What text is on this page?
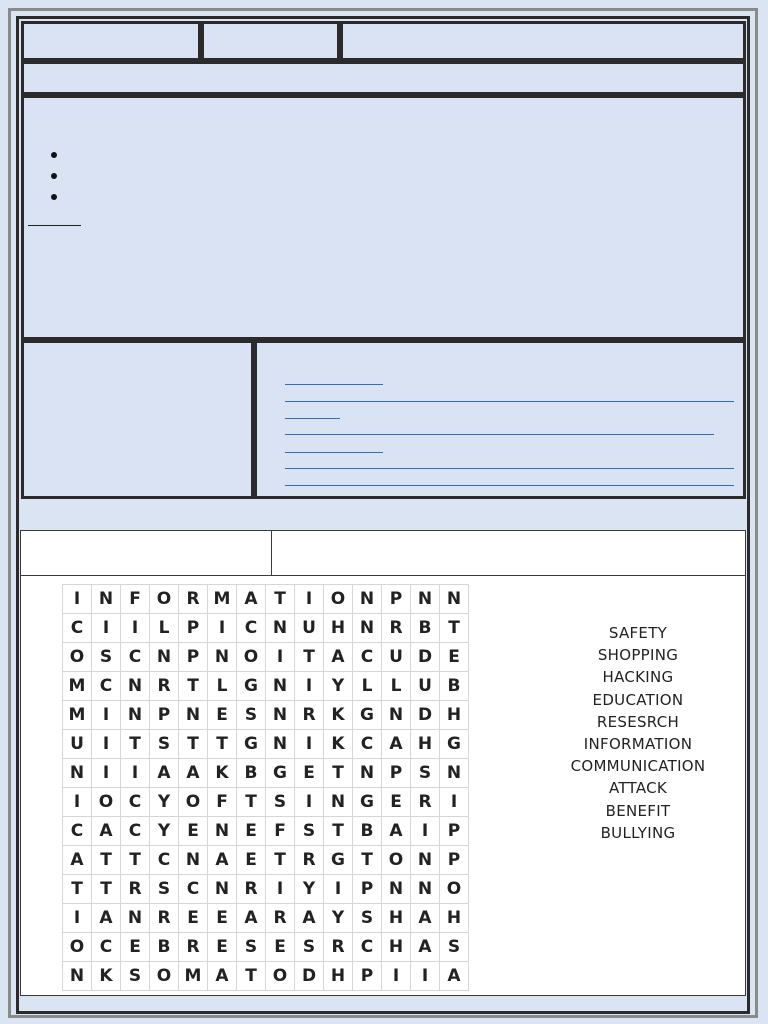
I	N F O R M A T	I	O N P N N
C	I	I	L	P	I	C N U H N R B T
O S C N P N O	I	T A C U D E
M C N R T	L G N	I	Y	L	L U B
M	I	N P N E	S N R K G N D H
U	I	T	S	T	T G N	I	K C A H G
N	I	I	A A K B G E	T N P S N
I	O C Y O F	T	S	I	N G E R	I
C A C Y	E N E	F	S	T B A	I	P
A T	T C N A E	T R G T O N P
T	T R S C N R	I	Y	I	P N N O
I	A N R E	E A R A Y S H A H
O C E B R E	S	E	S R C H A S
N K S O M A T O D H P	I	I	A
SAFETY
SHOPPING
HACKING
EDUCATION
RESESRCH
INFORMATION
COMMUNICATION
ATTACK
BENEFIT
BULLYING
